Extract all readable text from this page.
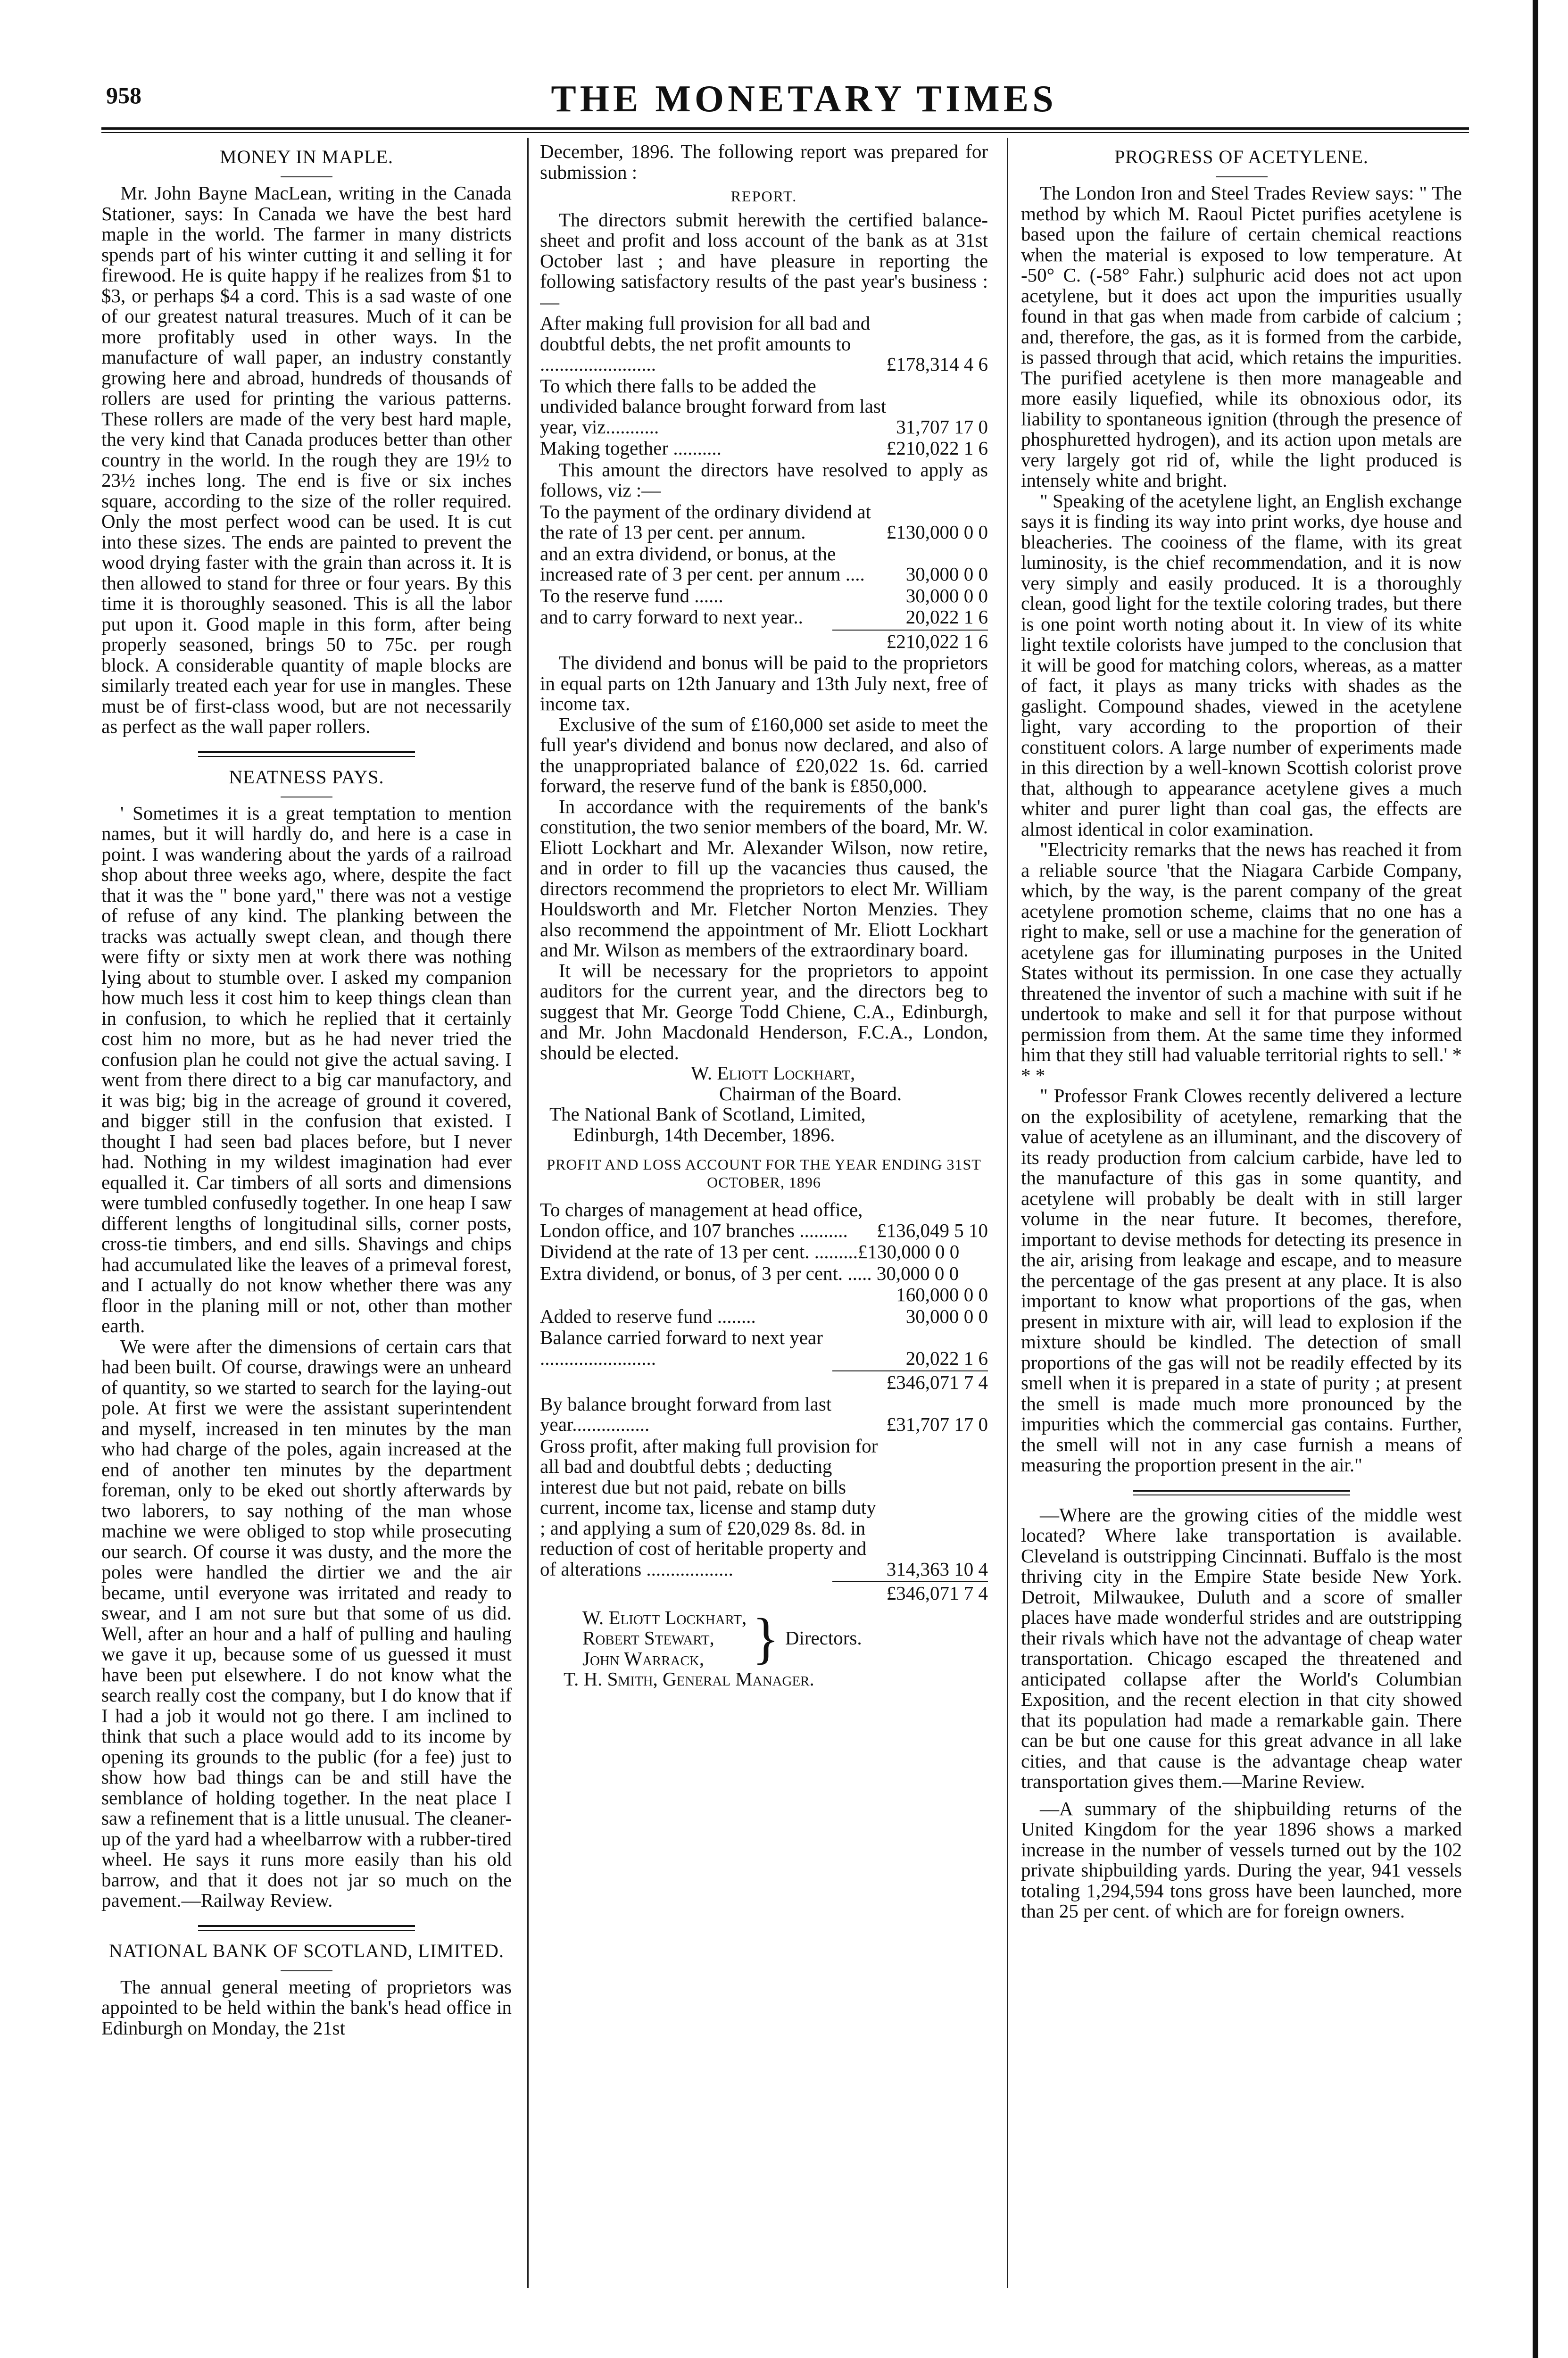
958	THE MONETARY TIMES
MONEY IN MAPLE.

Mr. John Bayne MacLean, writing in the Canada Stationer, says: In Canada we have the best hard maple in the world. The farmer in many districts spends part of his winter cutting it and selling it for firewood. He is quite happy if he realizes from $1 to $3, or perhaps $4 a cord. This is a sad waste of one of our greatest natural treasures. Much of it can be more profitably used in other ways. In the manufacture of wall paper, an industry constantly growing here and abroad, hundreds of thousands of rollers are used for printing the various patterns. These rollers are made of the very best hard maple, the very kind that Canada produces better than other country in the world. In the rough they are 19½ to 23½ inches long. The end is five or six inches square, according to the size of the roller required. Only the most perfect wood can be used. It is cut into these sizes. The ends are painted to prevent the wood drying faster with the grain than across it. It is then allowed to stand for three or four years. By this time it is thoroughly seasoned. This is all the labor put upon it. Good maple in this form, after being properly seasoned, brings 50 to 75c. per rough block. A considerable quantity of maple blocks are similarly treated each year for use in mangles. These must be of first-class wood, but are not necessarily as perfect as the wall paper rollers.

NEATNESS PAYS.

' Sometimes it is a great temptation to mention names, but it will hardly do, and here is a case in point. I was wandering about the yards of a railroad shop about three weeks ago, where, despite the fact that it was the " bone yard," there was not a vestige of refuse of any kind. The planking between the tracks was actually swept clean, and though there were fifty or sixty men at work there was nothing lying about to stumble over. I asked my companion how much less it cost him to keep things clean than in confusion, to which he replied that it certainly cost him no more, but as he had never tried the confusion plan he could not give the actual saving. I went from there direct to a big car manufactory, and it was big; big in the acreage of ground it covered, and bigger still in the confusion that existed. I thought I had seen bad places before, but I never had. Nothing in my wildest imagination had ever equalled it. Car timbers of all sorts and dimensions were tumbled confusedly together. In one heap I saw different lengths of longitudinal sills, corner posts, cross-tie timbers, and end sills. Shavings and chips had accumulated like the leaves of a primeval forest, and I actually do not know whether there was any floor in the planing mill or not, other than mother earth.

We were after the dimensions of certain cars that had been built. Of course, drawings were an unheard of quantity, so we started to search for the laying-out pole. At first we were the assistant superintendent and myself, increased in ten minutes by the man who had charge of the poles, again increased at the end of another ten minutes by the department foreman, only to be eked out shortly afterwards by two laborers, to say nothing of the man whose machine we were obliged to stop while prosecuting our search. Of course it was dusty, and the more the poles were handled the dirtier we and the air became, until everyone was irritated and ready to swear, and I am not sure but that some of us did. Well, after an hour and a half of pulling and hauling we gave it up, because some of us guessed it must have been put elsewhere. I do not know what the search really cost the company, but I do know that if I had a job it would not go there. I am inclined to think that such a place would add to its income by opening its grounds to the public (for a fee) just to show how bad things can be and still have the semblance of holding together. In the neat place I saw a refinement that is a little unusual. The cleaner-up of the yard had a wheelbarrow with a rubber-tired wheel. He says it runs more easily than his old barrow, and that it does not jar so much on the pavement.—Railway Review.

NATIONAL BANK OF SCOTLAND, LIMITED.

The annual general meeting of proprietors was appointed to be held within the bank's head office in Edinburgh on Monday, the 21st

December, 1896. The following report was prepared for submission :

REPORT.

The directors submit herewith the certified balance-sheet and profit and loss account of the bank as at 31st October last ; and have pleasure in reporting the following satisfactory results of the past year's business :—

After making full provision for all bad and doubtful debts, the net profit amounts to ........................	£178,314 4 6
To which there falls to be added the undivided balance brought forward from last year, viz...........	31,707 17 0
Making together ..........	£210,022 1 6

This amount the directors have resolved to apply as follows, viz :—

To the payment of the ordinary dividend at the rate of 13 per cent. per annum.	£130,000 0 0
and an extra dividend, or bonus, at the increased rate of 3 per cent. per annum ....	30,000 0 0
To the reserve fund ......	30,000 0 0
and to carry forward to next year..	20,022 1 6
£210,022 1 6

The dividend and bonus will be paid to the proprietors in equal parts on 12th January and 13th July next, free of income tax.

Exclusive of the sum of £160,000 set aside to meet the full year's dividend and bonus now declared, and also of the unappropriated balance of £20,022 1s. 6d. carried forward, the reserve fund of the bank is £850,000.

In accordance with the requirements of the bank's constitution, the two senior members of the board, Mr. W. Eliott Lockhart and Mr. Alexander Wilson, now retire, and in order to fill up the vacancies thus caused, the directors recommend the proprietors to elect Mr. William Houldsworth and Mr. Fletcher Norton Menzies. They also recommend the appointment of Mr. Eliott Lockhart and Mr. Wilson as members of the extraordinary board.

It will be necessary for the proprietors to appoint auditors for the current year, and the directors beg to suggest that Mr. George Todd Chiene, C.A., Edinburgh, and Mr. John Macdonald Henderson, F.C.A., London, should be elected.

W. Eliott Lockhart,
Chairman of the Board.
The National Bank of Scotland, Limited,
Edinburgh, 14th December, 1896.
PROFIT AND LOSS ACCOUNT FOR THE YEAR ENDING 31ST OCTOBER, 1896
To charges of management at head office, London office, and 107 branches ..........	£136,049 5 10
Dividend at the rate of 13 per cent. .........£130,000 0 0
Extra dividend, or bonus, of 3 per cent. ..... 30,000 0 0
160,000 0 0
Added to reserve fund ........	30,000 0 0
Balance carried forward to next year ........................	20,022 1 6
£346,071 7 4
By balance brought forward from last year................	£31,707 17 0
Gross profit, after making full provision for all bad and doubtful debts ; deducting interest due but not paid, rebate on bills current, income tax, license and stamp duty ; and applying a sum of £20,029 8s. 8d. in reduction of cost of heritable property and of alterations ..................	314,363 10 4
£346,071 7 4
W. Eliott Lockhart,
Robert Stewart,
John Warrack, } Directors.
T. H. Smith, General Manager.
PROGRESS OF ACETYLENE.

The London Iron and Steel Trades Review says: " The method by which M. Raoul Pictet purifies acetylene is based upon the failure of certain chemical reactions when the material is exposed to low temperature. At -50° C. (-58° Fahr.) sulphuric acid does not act upon acetylene, but it does act upon the impurities usually found in that gas when made from carbide of calcium ; and, therefore, the gas, as it is formed from the carbide, is passed through that acid, which retains the impurities. The purified acetylene is then more manageable and more easily liquefied, while its obnoxious odor, its liability to spontaneous ignition (through the presence of phosphuretted hydrogen), and its action upon metals are very largely got rid of, while the light produced is intensely white and bright.

" Speaking of the acetylene light, an English exchange says it is finding its way into print works, dye house and bleacheries. The cooiness of the flame, with its great luminosity, is the chief recommendation, and it is now very simply and easily produced. It is a thoroughly clean, good light for the textile coloring trades, but there is one point worth noting about it. In view of its white light textile colorists have jumped to the conclusion that it will be good for matching colors, whereas, as a matter of fact, it plays as many tricks with shades as the gaslight. Compound shades, viewed in the acetylene light, vary according to the proportion of their constituent colors. A large number of experiments made in this direction by a well-known Scottish colorist prove that, although to appearance acetylene gives a much whiter and purer light than coal gas, the effects are almost identical in color examination.

"Electricity remarks that the news has reached it from a reliable source 'that the Niagara Carbide Company, which, by the way, is the parent company of the great acetylene promotion scheme, claims that no one has a right to make, sell or use a machine for the generation of acetylene gas for illuminating purposes in the United States without its permission. In one case they actually threatened the inventor of such a machine with suit if he undertook to make and sell it for that purpose without permission from them. At the same time they informed him that they still had valuable territorial rights to sell.' * * *

" Professor Frank Clowes recently delivered a lecture on the explosibility of acetylene, remarking that the value of acetylene as an illuminant, and the discovery of its ready production from calcium carbide, have led to the manufacture of this gas in some quantity, and acetylene will probably be dealt with in still larger volume in the near future. It becomes, therefore, important to devise methods for detecting its presence in the air, arising from leakage and escape, and to measure the percentage of the gas present at any place. It is also important to know what proportions of the gas, when present in mixture with air, will lead to explosion if the mixture should be kindled. The detection of small proportions of the gas will not be readily effected by its smell when it is prepared in a state of purity ; at present the smell is made much more pronounced by the impurities which the commercial gas contains. Further, the smell will not in any case furnish a means of measuring the proportion present in the air."

—Where are the growing cities of the middle west located? Where lake transportation is available. Cleveland is outstripping Cincinnati. Buffalo is the most thriving city in the Empire State beside New York. Detroit, Milwaukee, Duluth and a score of smaller places have made wonderful strides and are outstripping their rivals which have not the advantage of cheap water transportation. Chicago escaped the threatened and anticipated collapse after the World's Columbian Exposition, and the recent election in that city showed that its population had made a remarkable gain. There can be but one cause for this great advance in all lake cities, and that cause is the advantage cheap water transportation gives them.—Marine Review.

—A summary of the shipbuilding returns of the United Kingdom for the year 1896 shows a marked increase in the number of vessels turned out by the 102 private shipbuilding yards. During the year, 941 vessels totaling 1,294,594 tons gross have been launched, more than 25 per cent. of which are for foreign owners.
